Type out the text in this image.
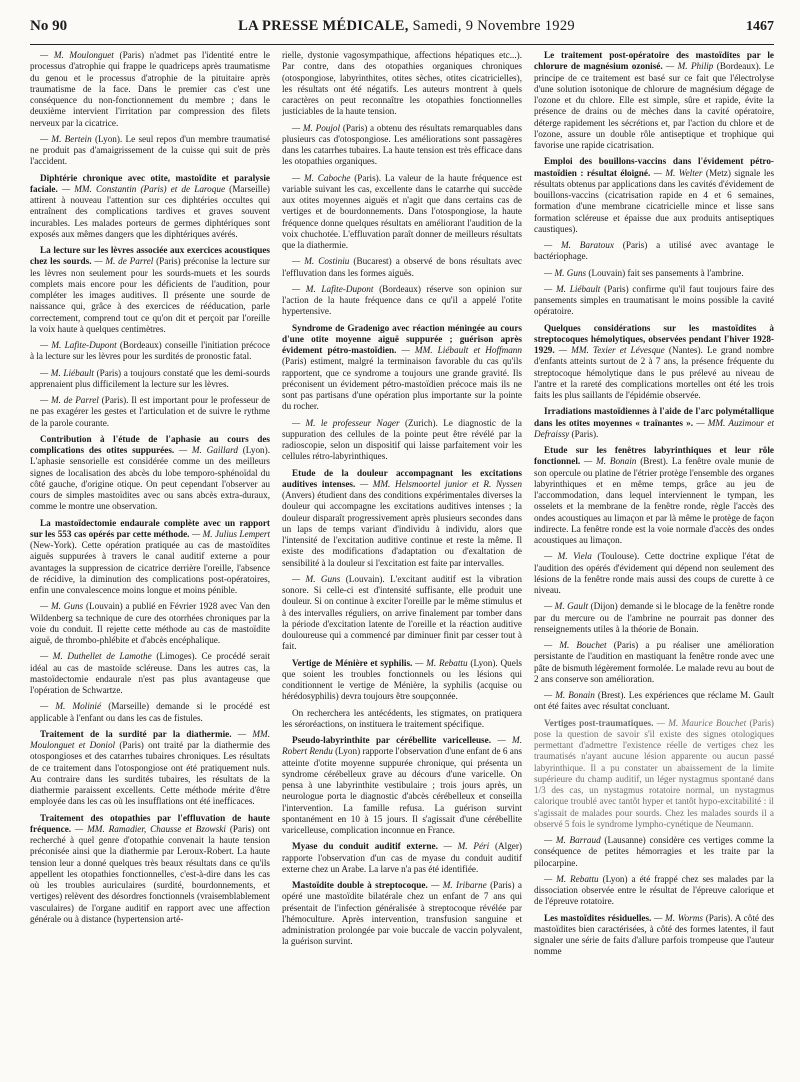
No 90	LA PRESSE MÉDICALE, Samedi, 9 Novembre 1929	1467

— M. Moulonguet (Paris) n'admet pas l'identité entre le processus d'atrophie qui frappe le quadriceps après traumatisme du genou et le processus d'atrophie de la pituitaire après traumatisme de la face. Dans le premier cas c'est une conséquence du non-fonctionnement du membre ; dans le deuxième intervient l'irritation par compression des filets nerveux par la cicatrice.

— M. Bertein (Lyon). Le seul repos d'un membre traumatisé ne produit pas d'amaigrissement de la cuisse qui suit de près l'accident.

Diphtérie chronique avec otite, mastoïdite et paralysie faciale. — MM. Constantin (Paris) et de Laroque (Marseille) attirent à nouveau l'attention sur ces diphtéries occultes qui entraînent des complications tardives et graves souvent incurables. Les malades porteurs de germes diphtériques sont exposés aux mêmes dangers que les diphtériques avérés.

La lecture sur les lèvres associée aux exercices acoustiques chez les sourds. — M. de Parrel (Paris) préconise la lecture sur les lèvres non seulement pour les sourds-muets et les sourds complets mais encore pour les déficients de l'audition, pour compléter les images auditives. Il présente une sourde de naissance qui, grâce à des exercices de rééducation, parle correctement, comprend tout ce qu'on dit et perçoit par l'oreille la voix haute à quelques centimètres.

— M. Lafite-Dupont (Bordeaux) conseille l'initiation précoce à la lecture sur les lèvres pour les surdités de pronostic fatal.

— M. Liébault (Paris) a toujours constaté que les demi-sourds apprenaient plus difficilement la lecture sur les lèvres.

— M. de Parrel (Paris). Il est important pour le professeur de ne pas exagérer les gestes et l'articulation et de suivre le rythme de la parole courante.

Contribution à l'étude de l'aphasie au cours des complications des otites suppurées. — M. Gaillard (Lyon). L'aphasie sensorielle est considérée comme un des meilleurs signes de localisation des abcès du lobe temporo-sphénoïdal du côté gauche, d'origine otique. On peut cependant l'observer au cours de simples mastoïdites avec ou sans abcès extra-duraux, comme le montre une observation.

La mastoïdectomie endaurale complète avec un rapport sur les 553 cas opérés par cette méthode. — M. Julius Lempert (New-York). Cette opération pratiquée au cas de mastoïdites aiguës suppurées à travers le canal auditif externe a pour avantages la suppression de cicatrice derrière l'oreille, l'absence de récidive, la diminution des complications post-opératoires, enfin une convalescence moins longue et moins pénible.

— M. Guns (Louvain) a publié en Février 1928 avec Van den Wildenberg sa technique de cure des otorrhées chroniques par la voie du conduit. Il rejette cette méthode au cas de mastoïdite aiguë, de thrombo-phlébite et d'abcès encéphalique.

— M. Duthellet de Lamothe (Limoges). Ce procédé serait idéal au cas de mastoïde scléreuse. Dans les autres cas, la mastoïdectomie endaurale n'est pas plus avantageuse que l'opération de Schwartze.

— M. Molinié (Marseille) demande si le procédé est applicable à l'enfant ou dans les cas de fistules.

Traitement de la surdité par la diathermie. — MM. Moulonguet et Doniol (Paris) ont traité par la diathermie des otospongioses et des catarrhes tubaires chroniques. Les résultats de ce traitement dans l'otospongiose ont été pratiquement nuls. Au contraire dans les surdités tubaires, les résultats de la diathermie paraissent excellents. Cette méthode mérite d'être employée dans les cas où les insufflations ont été inefficaces.

Traitement des otopathies par l'effluvation de haute fréquence. — MM. Ramadier, Chausse et Bzowski (Paris) ont recherché à quel genre d'otopathie convenait la haute tension préconisée ainsi que la diathermie par Leroux-Robert. La haute tension leur a donné quelques très beaux résultats dans ce qu'ils appellent les otopathies fonctionnelles, c'est-à-dire dans les cas où les troubles auriculaires (surdité, bourdonnements, et vertiges) relèvent des désordres fonctionnels (vraisemblablement vasculaires) de l'organe auditif en rapport avec une affection générale ou à distance (hypertension arté-

rielle, dystonie vagosympathique, affections hépatiques etc...). Par contre, dans des otopathies organiques chroniques (otospongiose, labyrinthites, otites sèches, otites cicatricielles), les résultats ont été négatifs. Les auteurs montrent à quels caractères on peut reconnaître les otopathies fonctionnelles justiciables de la haute tension.

— M. Poujol (Paris) a obtenu des résultats remarquables dans plusieurs cas d'otospongiose. Les améliorations sont passagères dans les catarrhes tubaires. La haute tension est très efficace dans les otopathies organiques.

— M. Caboche (Paris). La valeur de la haute fréquence est variable suivant les cas, excellente dans le catarrhe qui succède aux otites moyennes aiguës et n'agit que dans certains cas de vertiges et de bourdonnements. Dans l'otospongiose, la haute fréquence donne quelques résultats en améliorant l'audition de la voix chuchotée. L'effluvation paraît donner de meilleurs résultats que la diathermie.

— M. Costiniu (Bucarest) a observé de bons résultats avec l'effluvation dans les formes aiguës.

— M. Lafite-Dupont (Bordeaux) réserve son opinion sur l'action de la haute fréquence dans ce qu'il a appelé l'otite hypertensive.

Syndrome de Gradenigo avec réaction méningée au cours d'une otite moyenne aiguë suppurée ; guérison après évidement pétro-mastoïdien. — MM. Liébault et Hoffmann (Paris) estiment, malgré la terminaison favorable du cas qu'ils rapportent, que ce syndrome a toujours une grande gravité. Ils préconisent un évidement pétro-mastoïdien précoce mais ils ne sont pas partisans d'une opération plus importante sur la pointe du rocher.

— M. le professeur Nager (Zurich). Le diagnostic de la suppuration des cellules de la pointe peut être révélé par la radioscopie, selon un dispositif qui laisse parfaitement voir les cellules rétro-labyrinthiques.

Etude de la douleur accompagnant les excitations auditives intenses. — MM. Helsmoortel junior et R. Nyssen (Anvers) étudient dans des conditions expérimentales diverses la douleur qui accompagne les excitations auditives intenses ; la douleur disparaît progressivement après plusieurs secondes dans un laps de temps variant d'individu à individu, alors que l'intensité de l'excitation auditive continue et reste la même. Il existe des modifications d'adaptation ou d'exaltation de sensibilité à la douleur si l'excitation est faite par intervalles.

— M. Guns (Louvain). L'excitant auditif est la vibration sonore. Si celle-ci est d'intensité suffisante, elle produit une douleur. Si on continue à exciter l'oreille par le même stimulus et à des intervalles réguliers, on arrive finalement par tomber dans la période d'excitation latente de l'oreille et la réaction auditive douloureuse qui a commencé par diminuer finit par cesser tout à fait.

Vertige de Ménière et syphilis. — M. Rebattu (Lyon). Quels que soient les troubles fonctionnels ou les lésions qui conditionnent le vertige de Ménière, la syphilis (acquise ou hérédosyphilis) devra toujours être soupçonnée.

On recherchera les antécédents, les stigmates, on pratiquera les séroréactions, on instituera le traitement spécifique.

Pseudo-labyrinthite par cérébellite varicelleuse. — M. Robert Rendu (Lyon) rapporte l'observation d'une enfant de 6 ans atteinte d'otite moyenne suppurée chronique, qui présenta un syndrome cérébelleux grave au décours d'une varicelle. On pensa à une labyrinthite vestibulaire ; trois jours après, un neurologue porta le diagnostic d'abcès cérébelleux et conseilla l'intervention. La famille refusa. La guérison survint spontanément en 10 à 15 jours. Il s'agissait d'une cérébellite varicelleuse, complication inconnue en France.

Myase du conduit auditif externe. — M. Péri (Alger) rapporte l'observation d'un cas de myase du conduit auditif externe chez un Arabe. La larve n'a pas été identifiée.

Mastoïdite double à streptocoque. — M. Iribarne (Paris) a opéré une mastoïdite bilatérale chez un enfant de 7 ans qui présentait de l'infection généralisée à streptocoque révélée par l'hémoculture. Après intervention, transfusion sanguine et administration prolongée par voie buccale de vaccin polyvalent, la guérison survint.

Le traitement post-opératoire des mastoïdites par le chlorure de magnésium ozonisé. — M. Philip (Bordeaux). Le principe de ce traitement est basé sur ce fait que l'électrolyse d'une solution isotonique de chlorure de magnésium dégage de l'ozone et du chlore. Elle est simple, sûre et rapide, évite la présence de drains ou de mèches dans la cavité opératoire, déterge rapidement les sécrétions et, par l'action du chlore et de l'ozone, assure un double rôle antiseptique et trophique qui favorise une rapide cicatrisation.

Emploi des bouillons-vaccins dans l'évidement pétro-mastoïdien : résultat éloigné. — M. Welter (Metz) signale les résultats obtenus par applications dans les cavités d'évidement de bouillons-vaccins (cicatrisation rapide en 4 et 6 semaines, formation d'une membrane cicatricielle mince et lisse sans formation scléreuse et épaisse due aux produits antiseptiques caustiques).

— M. Baratoux (Paris) a utilisé avec avantage le bactériophage.

— M. Guns (Louvain) fait ses pansements à l'ambrine.

— M. Liébault (Paris) confirme qu'il faut toujours faire des pansements simples en traumatisant le moins possible la cavité opératoire.

Quelques considérations sur les mastoïdites à streptocoques hémolytiques, observées pendant l'hiver 1928-1929. — MM. Texier et Lévesque (Nantes). Le grand nombre d'enfants atteints surtout de 2 à 7 ans, la présence fréquente du streptocoque hémolytique dans le pus prélevé au niveau de l'antre et la rareté des complications mortelles ont été les trois faits les plus saillants de l'épidémie observée.

Irradiations mastoïdiennes à l'aide de l'arc polymétallique dans les otites moyennes « traînantes ». — MM. Auzimour et Defraissy (Paris).

Etude sur les fenêtres labyrinthiques et leur rôle fonctionnel. — M. Bonain (Brest). La fenêtre ovale munie de son opercule ou platine de l'étrier protège l'ensemble des organes labyrinthiques et en même temps, grâce au jeu de l'accommodation, dans lequel interviennent le tympan, les osselets et la membrane de la fenêtre ronde, règle l'accès des ondes acoustiques au limaçon et par là même le protège de façon indirecte. La fenêtre ronde est la voie normale d'accès des ondes acoustiques au limaçon.

— M. Viela (Toulouse). Cette doctrine explique l'état de l'audition des opérés d'évidement qui dépend non seulement des lésions de la fenêtre ronde mais aussi des coups de curette à ce niveau.

— M. Gault (Dijon) demande si le blocage de la fenêtre ronde par du mercure ou de l'ambrine ne pourrait pas donner des renseignements utiles à la théorie de Bonain.

— M. Bouchet (Paris) a pu réaliser une amélioration persistante de l'audition en mastiquant la fenêtre ronde avec une pâte de bismuth légèrement formolée. Le malade revu au bout de 2 ans conserve son amélioration.

— M. Bonain (Brest). Les expériences que réclame M. Gault ont été faites avec résultat concluant.

Vertiges post-traumatiques. — M. Maurice Bouchet (Paris) pose la question de savoir s'il existe des signes otologiques permettant d'admettre l'existence réelle de vertiges chez les traumatisés n'ayant aucune lésion apparente ou aucun passé labyrinthique. Il a pu constater un abaissement de la limite supérieure du champ auditif, un léger nystagmus spontané dans 1/3 des cas, un nystagmus rotatoire normal, un nystagmus calorique troublé avec tantôt hyper et tantôt hypo-excitabilité : il s'agissait de malades pour sourds. Chez les malades sourds il a observé 5 fois le syndrome lympho-cynétique de Neumann.

— M. Barraud (Lausanne) considère ces vertiges comme la conséquence de petites hémorragies et les traite par la pilocarpine.

— M. Rebattu (Lyon) a été frappé chez ses malades par la dissociation observée entre le résultat de l'épreuve calorique et de l'épreuve rotatoire.

Les mastoïdites résiduelles. — M. Worms (Paris). A côté des mastoïdites bien caractérisées, à côté des formes latentes, il faut signaler une série de faits d'allure parfois trompeuse que l'auteur nomme
